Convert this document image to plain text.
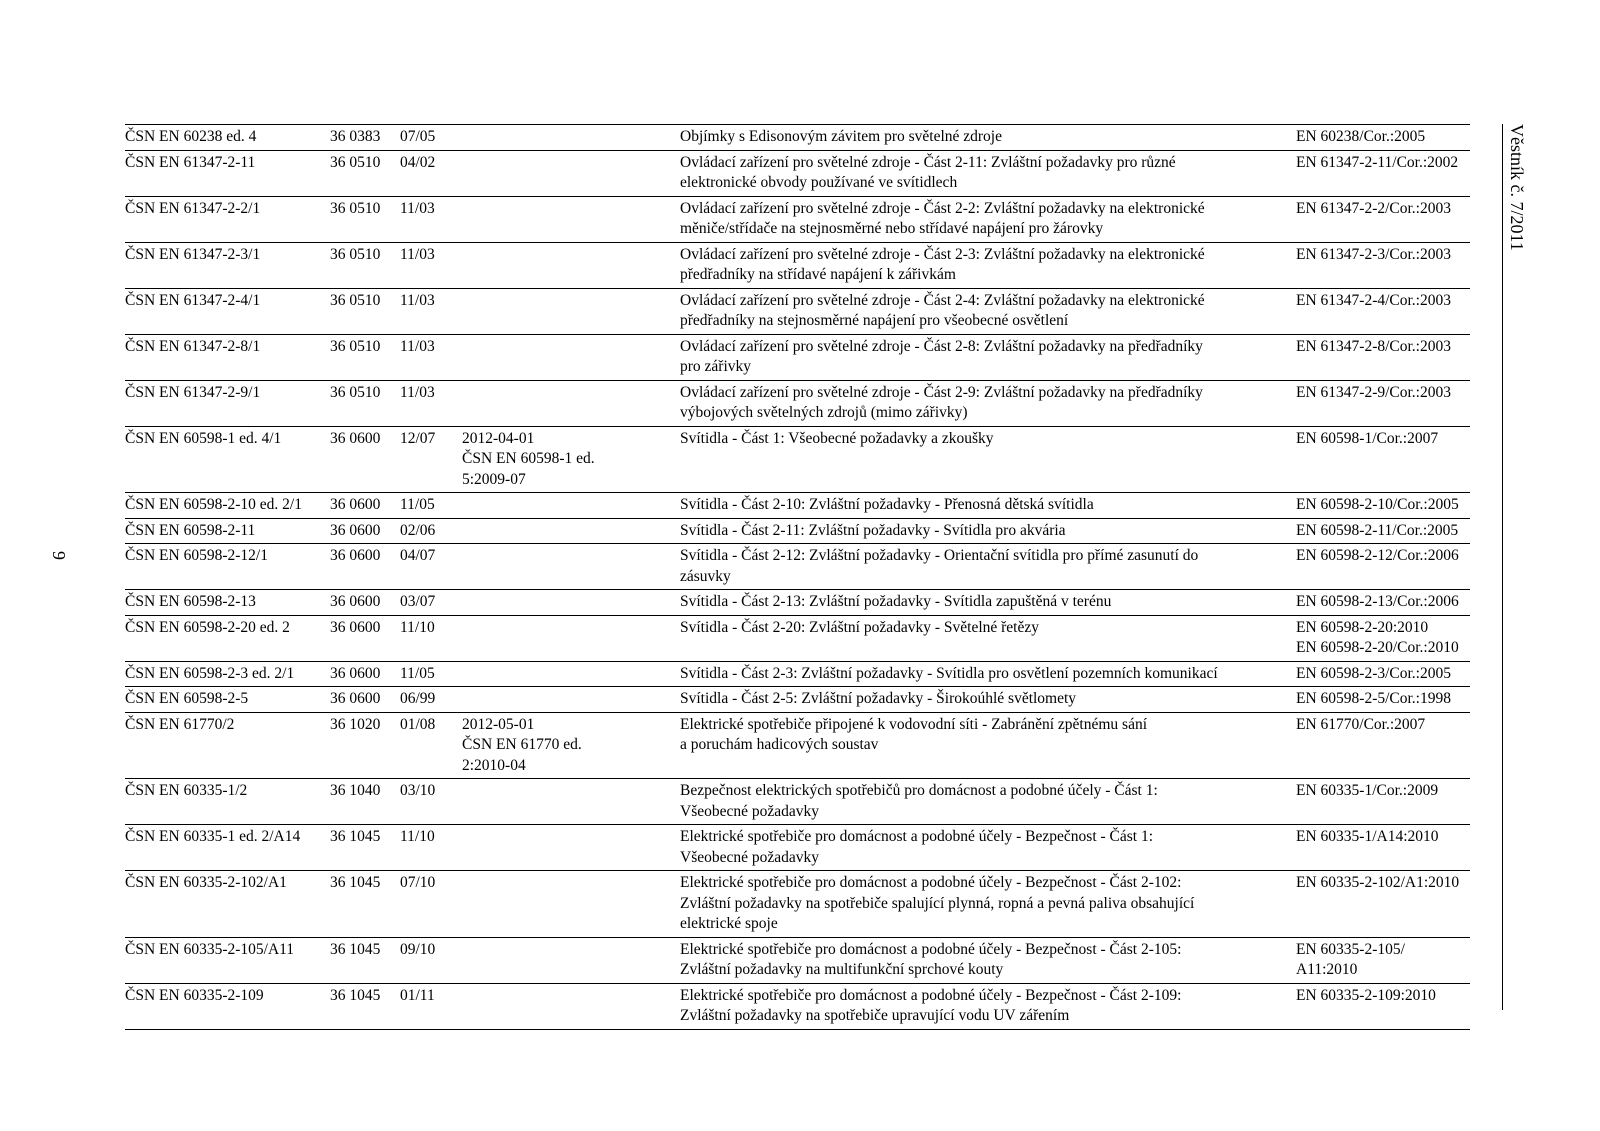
ČSN EN 60238 ed. 4	36 0383	07/05		Objímky s Edisonovým závitem pro světelné zdroje	EN 60238/Cor.:2005
ČSN EN 61347-2-11	36 0510	04/02		Ovládací zařízení pro světelné zdroje - Část 2-11: Zvláštní požadavky pro různé
elektronické obvody používané ve svítidlech	EN 61347-2-11/Cor.:2002
ČSN EN 61347-2-2/1	36 0510	11/03		Ovládací zařízení pro světelné zdroje - Část 2-2: Zvláštní požadavky na elektronické
měniče/střídače na stejnosměrné nebo střídavé napájení pro žárovky	EN 61347-2-2/Cor.:2003
ČSN EN 61347-2-3/1	36 0510	11/03		Ovládací zařízení pro světelné zdroje - Část 2-3: Zvláštní požadavky na elektronické
předřadníky na střídavé napájení k zářivkám	EN 61347-2-3/Cor.:2003
ČSN EN 61347-2-4/1	36 0510	11/03		Ovládací zařízení pro světelné zdroje - Část 2-4: Zvláštní požadavky na elektronické
předřadníky na stejnosměrné napájení pro všeobecné osvětlení	EN 61347-2-4/Cor.:2003
ČSN EN 61347-2-8/1	36 0510	11/03		Ovládací zařízení pro světelné zdroje - Část 2-8: Zvláštní požadavky na předřadníky
pro zářivky	EN 61347-2-8/Cor.:2003
ČSN EN 61347-2-9/1	36 0510	11/03		Ovládací zařízení pro světelné zdroje - Část 2-9: Zvláštní požadavky na předřadníky
výbojových světelných zdrojů (mimo zářivky)	EN 61347-2-9/Cor.:2003
ČSN EN 60598-1 ed. 4/1	36 0600	12/07	2012-04-01
ČSN EN 60598-1 ed.
5:2009-07	Svítidla - Část 1: Všeobecné požadavky a zkoušky	EN 60598-1/Cor.:2007
ČSN EN 60598-2-10 ed. 2/1	36 0600	11/05		Svítidla - Část 2-10: Zvláštní požadavky - Přenosná dětská svítidla	EN 60598-2-10/Cor.:2005
ČSN EN 60598-2-11	36 0600	02/06		Svítidla - Část 2-11: Zvláštní požadavky - Svítidla pro akvária	EN 60598-2-11/Cor.:2005
ČSN EN 60598-2-12/1	36 0600	04/07		Svítidla - Část 2-12: Zvláštní požadavky - Orientační svítidla pro přímé zasunutí do
zásuvky	EN 60598-2-12/Cor.:2006
ČSN EN 60598-2-13	36 0600	03/07		Svítidla - Část 2-13: Zvláštní požadavky - Svítidla zapuštěná v terénu	EN 60598-2-13/Cor.:2006
ČSN EN 60598-2-20 ed. 2	36 0600	11/10		Svítidla - Část 2-20: Zvláštní požadavky - Světelné řetězy	EN 60598-2-20:2010
EN 60598-2-20/Cor.:2010
ČSN EN 60598-2-3 ed. 2/1	36 0600	11/05		Svítidla - Část 2-3: Zvláštní požadavky - Svítidla pro osvětlení pozemních komunikací	EN 60598-2-3/Cor.:2005
ČSN EN 60598-2-5	36 0600	06/99		Svítidla - Část 2-5: Zvláštní požadavky - Širokoúhlé světlomety	EN 60598-2-5/Cor.:1998
ČSN EN 61770/2	36 1020	01/08	2012-05-01
ČSN EN 61770 ed.
2:2010-04	Elektrické spotřebiče připojené k vodovodní síti - Zabránění zpětnému sání
a poruchám hadicových soustav	EN 61770/Cor.:2007
ČSN EN 60335-1/2	36 1040	03/10		Bezpečnost elektrických spotřebičů pro domácnost a podobné účely - Část 1:
Všeobecné požadavky	EN 60335-1/Cor.:2009
ČSN EN 60335-1 ed. 2/A14	36 1045	11/10		Elektrické spotřebiče pro domácnost a podobné účely - Bezpečnost - Část 1:
Všeobecné požadavky	EN 60335-1/A14:2010
ČSN EN 60335-2-102/A1	36 1045	07/10		Elektrické spotřebiče pro domácnost a podobné účely - Bezpečnost - Část 2-102:
Zvláštní požadavky na spotřebiče spalující plynná, ropná a pevná paliva obsahující
elektrické spoje	EN 60335-2-102/A1:2010
ČSN EN 60335-2-105/A11	36 1045	09/10		Elektrické spotřebiče pro domácnost a podobné účely - Bezpečnost - Část 2-105:
Zvláštní požadavky na multifunkční sprchové kouty	EN 60335-2-105/
A11:2010
ČSN EN 60335-2-109	36 1045	01/11		Elektrické spotřebiče pro domácnost a podobné účely - Bezpečnost - Část 2-109:
Zvláštní požadavky na spotřebiče upravující vodu UV zářením	EN 60335-2-109:2010
Věstník č. 7/2011
9
